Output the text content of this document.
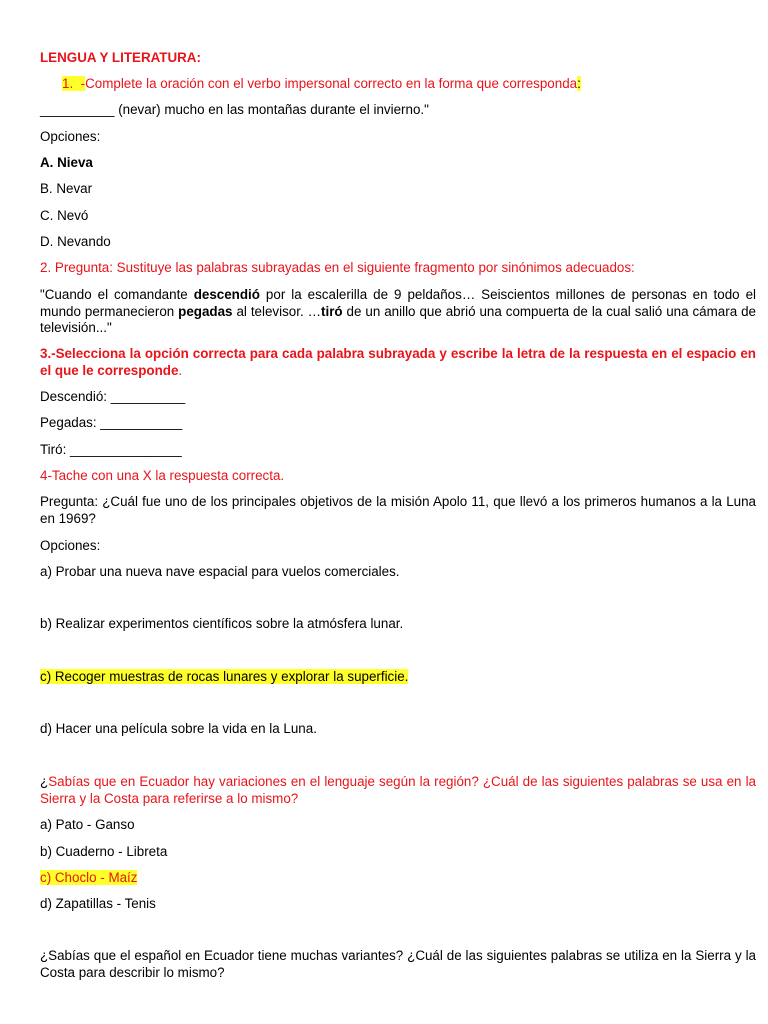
LENGUA Y LITERATURA:
1. -Complete la oración con el verbo impersonal correcto en la forma que corresponda:
__________ (nevar) mucho en las montañas durante el invierno."
Opciones:
A. Nieva
B. Nevar
C. Nevó
D. Nevando
2. Pregunta: Sustituye las palabras subrayadas en el siguiente fragmento por sinónimos adecuados:
"Cuando el comandante descendió por la escalerilla de 9 peldaños… Seiscientos millones de personas en todo el mundo permanecieron pegadas al televisor. …tiró de un anillo que abrió una compuerta de la cual salió una cámara de televisión..."
3.-Selecciona la opción correcta para cada palabra subrayada y escribe la letra de la respuesta en el espacio en el que le corresponde.
Descendió: __________
Pegadas: ___________
Tiró: _______________
4-Tache con una X la respuesta correcta.
Pregunta: ¿Cuál fue uno de los principales objetivos de la misión Apolo 11, que llevó a los primeros humanos a la Luna en 1969?
Opciones:
a) Probar una nueva nave espacial para vuelos comerciales.
b) Realizar experimentos científicos sobre la atmósfera lunar.
c) Recoger muestras de rocas lunares y explorar la superficie.
d) Hacer una película sobre la vida en la Luna.
¿Sabías que en Ecuador hay variaciones en el lenguaje según la región? ¿Cuál de las siguientes palabras se usa en la Sierra y la Costa para referirse a lo mismo?
a) Pato - Ganso
b) Cuaderno - Libreta
c) Choclo - Maíz
d) Zapatillas - Tenis
¿Sabías que el español en Ecuador tiene muchas variantes? ¿Cuál de las siguientes palabras se utiliza en la Sierra y la Costa para describir lo mismo?
